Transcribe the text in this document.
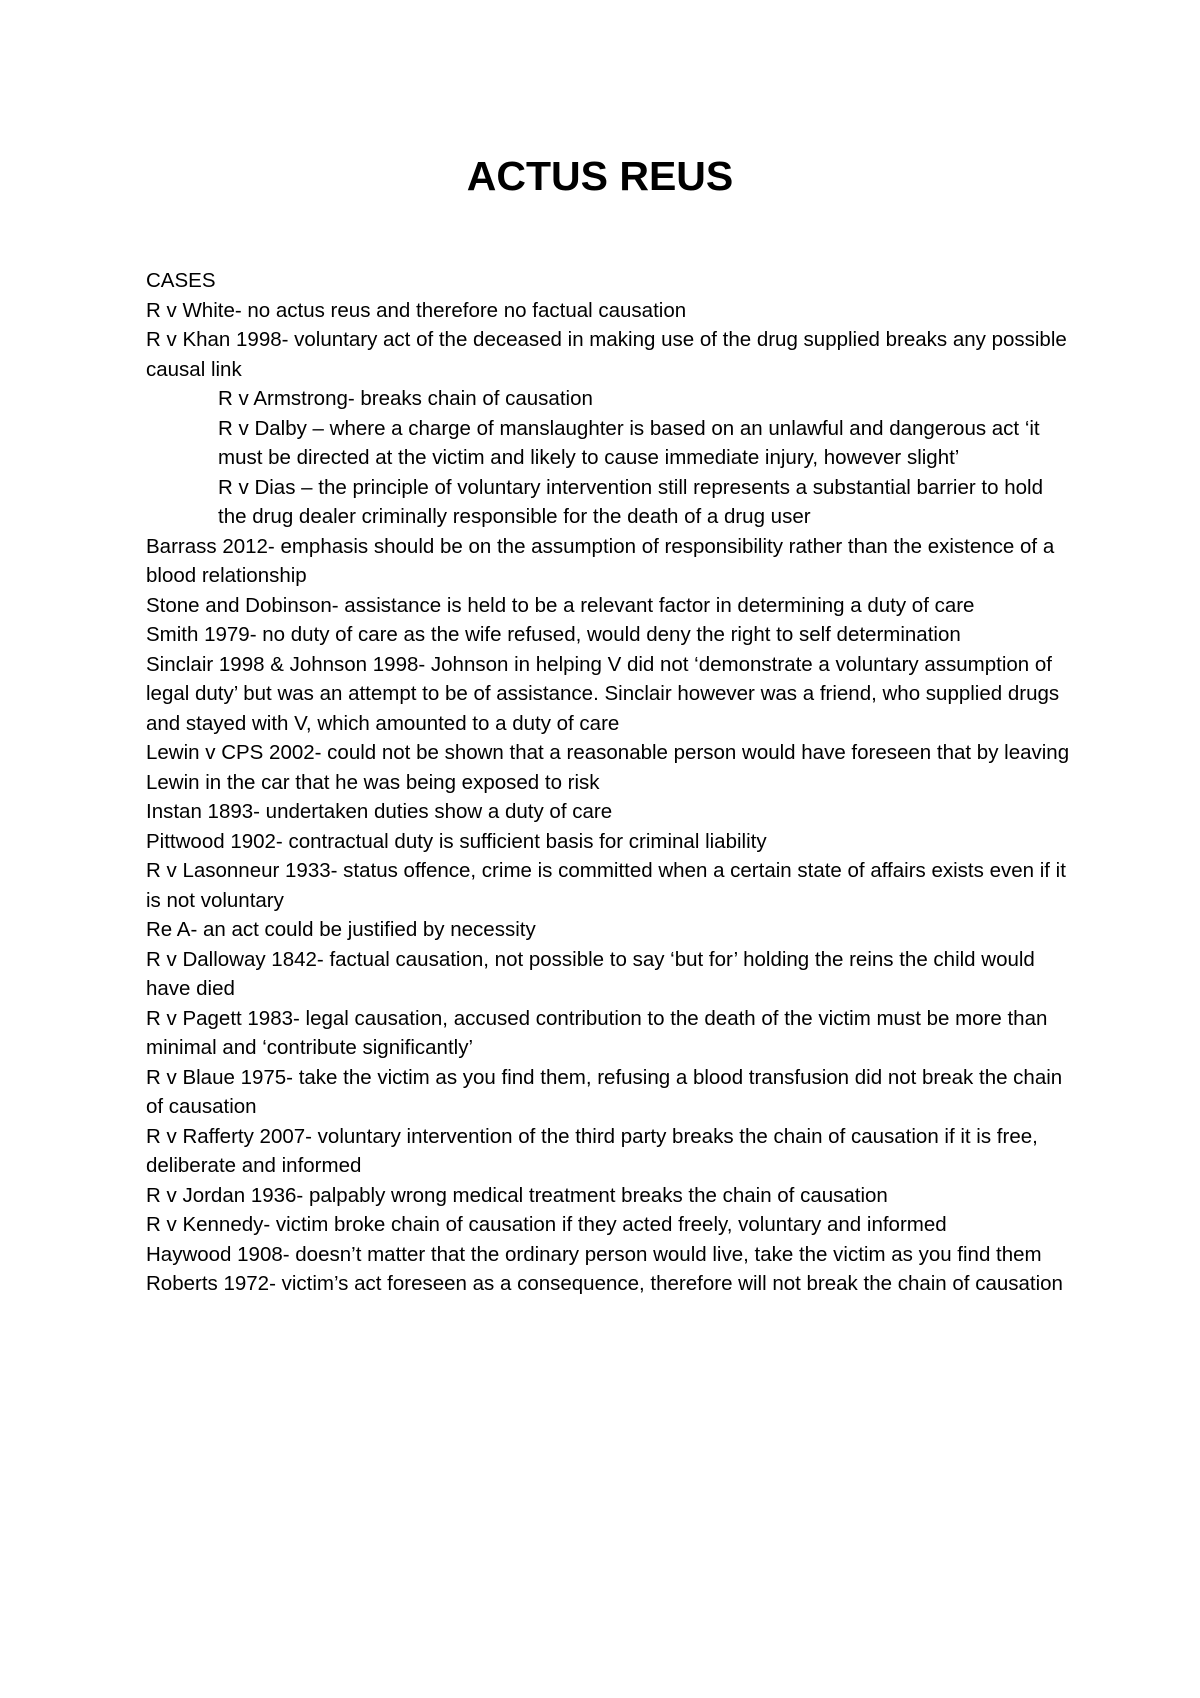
ACTUS REUS

CASES

R v White- no actus reus and therefore no factual causation

R v Khan 1998- voluntary act of the deceased in making use of the drug supplied breaks any possible causal link

R v Armstrong- breaks chain of causation

R v Dalby – where a charge of manslaughter is based on an unlawful and dangerous act ‘it must be directed at the victim and likely to cause immediate injury, however slight’

R v Dias – the principle of voluntary intervention still represents a substantial barrier to hold the drug dealer criminally responsible for the death of a drug user

Barrass 2012- emphasis should be on the assumption of responsibility rather than the existence of a blood relationship

Stone and Dobinson- assistance is held to be a relevant factor in determining a duty of care

Smith 1979- no duty of care as the wife refused, would deny the right to self determination

Sinclair 1998 & Johnson 1998- Johnson in helping V did not ‘demonstrate a voluntary assumption of legal duty’ but was an attempt to be of assistance. Sinclair however was a friend, who supplied drugs and stayed with V, which amounted to a duty of care

Lewin v CPS 2002- could not be shown that a reasonable person would have foreseen that by leaving Lewin in the car that he was being exposed to risk

Instan 1893- undertaken duties show a duty of care

Pittwood 1902- contractual duty is sufficient basis for criminal liability

R v Lasonneur 1933- status offence, crime is committed when a certain state of affairs exists even if it is not voluntary

Re A- an act could be justified by necessity

R v Dalloway 1842- factual causation, not possible to say ‘but for’ holding the reins the child would have died

R v Pagett 1983- legal causation, accused contribution to the death of the victim must be more than minimal and ‘contribute significantly’

R v Blaue 1975- take the victim as you find them, refusing a blood transfusion did not break the chain of causation

R v Rafferty 2007- voluntary intervention of the third party breaks the chain of causation if it is free, deliberate and informed

R v Jordan 1936- palpably wrong medical treatment breaks the chain of causation

R v Kennedy- victim broke chain of causation if they acted freely, voluntary and informed

Haywood 1908- doesn’t matter that the ordinary person would live, take the victim as you find them

Roberts 1972- victim’s act foreseen as a consequence, therefore will not break the chain of causation
